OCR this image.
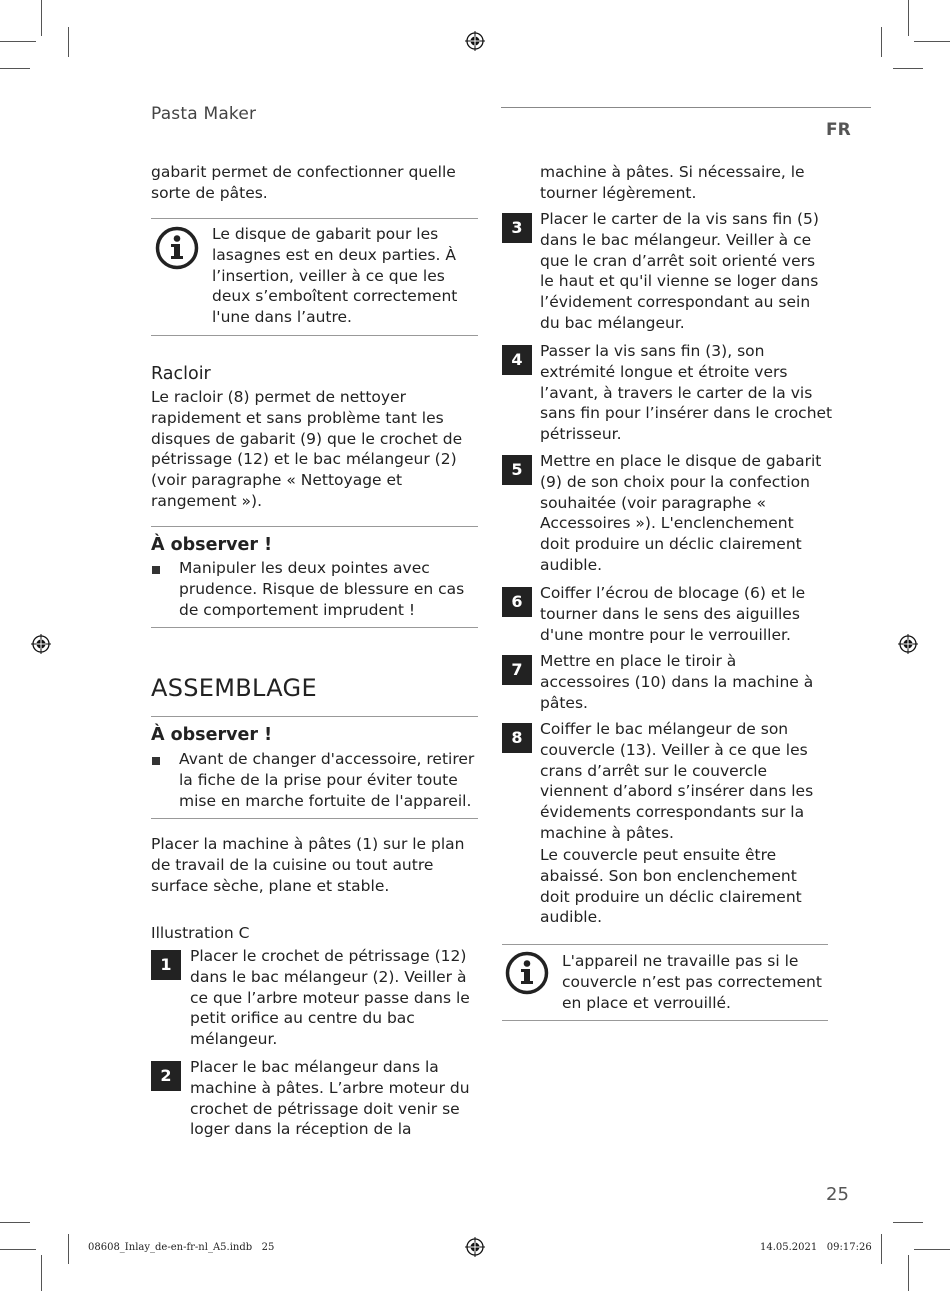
Pasta Maker
FR
gabarit permet de confectionner quelle sorte de pâtes.
Le disque de gabarit pour les lasagnes est en deux parties. À l’insertion, veiller à ce que les deux s’emboîtent correctement l'une dans l’autre.
Racloir
Le racloir (8) permet de nettoyer rapidement et sans problème tant les disques de gabarit (9) que le crochet de pétrissage (12) et le bac mélangeur (2) (voir paragraphe « Nettoyage et rangement »).
À observer !
Manipuler les deux pointes avec prudence. Risque de blessure en cas de comportement imprudent !
ASSEMBLAGE
À observer !
Avant de changer d'accessoire, retirer la fiche de la prise pour éviter toute mise en marche fortuite de l'appareil.
Placer la machine à pâtes (1) sur le plan de travail de la cuisine ou tout autre surface sèche, plane et stable.
Illustration C
1	Placer le crochet de pétrissage (12) dans le bac mélangeur (2). Veiller à ce que l’arbre moteur passe dans le petit orifice au centre du bac mélangeur.
2	Placer le bac mélangeur dans la machine à pâtes. L’arbre moteur du crochet de pétrissage doit venir se loger dans la réception de la
machine à pâtes. Si nécessaire, le tourner légèrement.
3	Placer le carter de la vis sans fin (5) dans le bac mélangeur. Veiller à ce que le cran d’arrêt soit orienté vers le haut et qu'il vienne se loger dans l’évidement correspondant au sein du bac mélangeur.
4	Passer la vis sans fin (3), son extrémité longue et étroite vers l’avant, à travers le carter de la vis sans fin pour l’insérer dans le crochet pétrisseur.
5	Mettre en place le disque de gabarit (9) de son choix pour la confection souhaitée (voir paragraphe « Accessoires »). L'enclenchement doit produire un déclic clairement audible.
6	Coiffer l’écrou de blocage (6) et le tourner dans le sens des aiguilles d'une montre pour le verrouiller.
7	Mettre en place le tiroir à accessoires (10) dans la machine à pâtes.
8	Coiffer le bac mélangeur de son couvercle (13). Veiller à ce que les crans d’arrêt sur le couvercle viennent d’abord s’insérer dans les évidements correspondants sur la machine à pâtes.
Le couvercle peut ensuite être abaissé. Son bon enclenchement doit produire un déclic clairement audible.
L'appareil ne travaille pas si le couvercle n’est pas correctement en place et verrouillé.
25
08608_Inlay_de-en-fr-nl_A5.indb   25	14.05.2021   09:17:26
